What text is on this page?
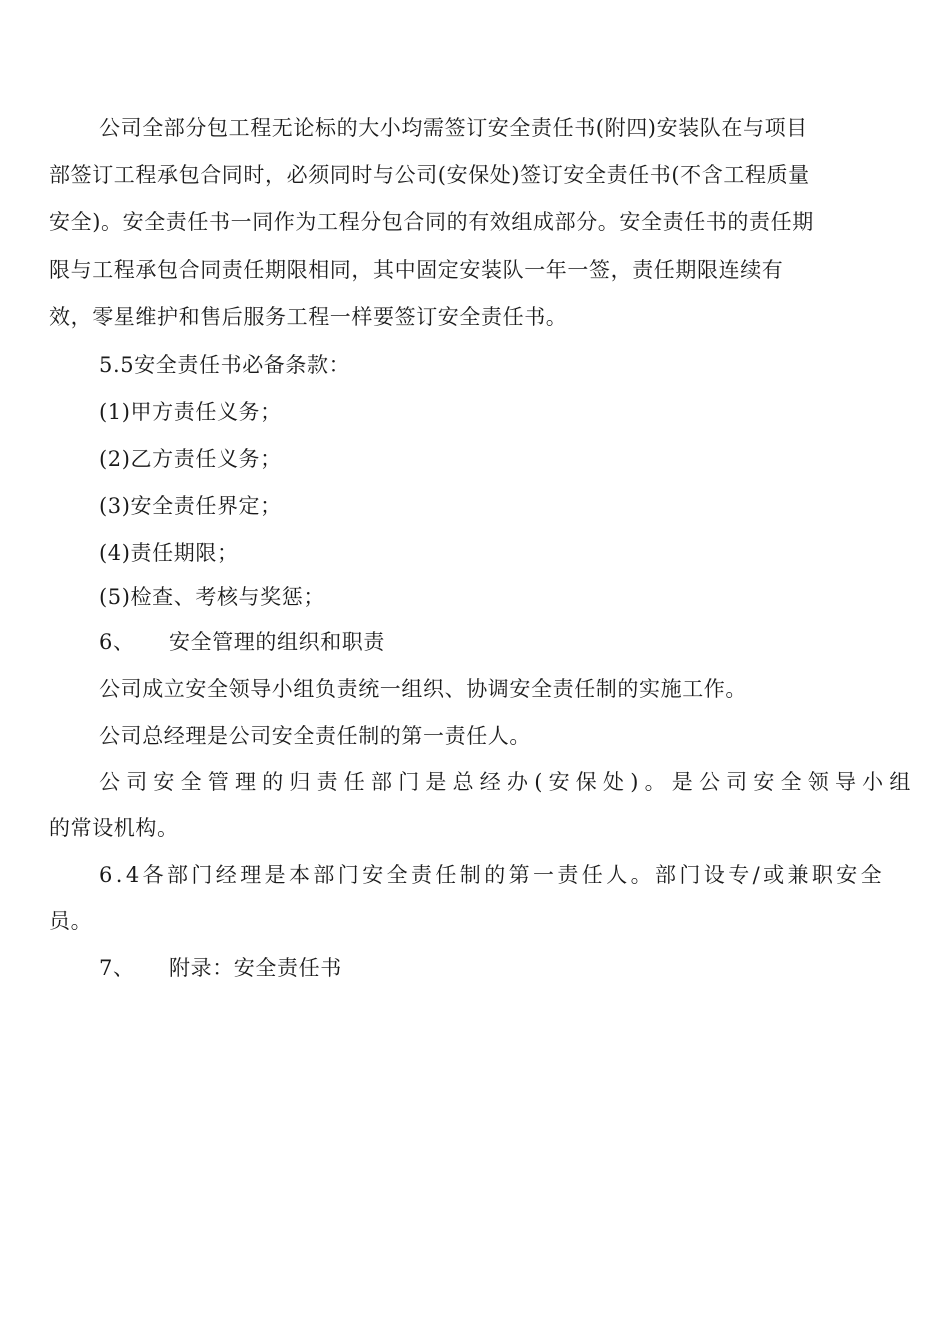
公司全部分包工程无论标的大小均需签订安全责任书(附四)安装队在与项目
部签订工程承包合同时，必须同时与公司(安保处)签订安全责任书(不含工程质量
安全)。安全责任书一同作为工程分包合同的有效组成部分。安全责任书的责任期
限与工程承包合同责任期限相同，其中固定安装队一年一签，责任期限连续有
效，零星维护和售后服务工程一样要签订安全责任书。
5.5安全责任书必备条款：
(1)甲方责任义务；
(2)乙方责任义务；
(3)安全责任界定；
(4)责任期限；
(5)检查、考核与奖惩；
6、 安全管理的组织和职责
公司成立安全领导小组负责统一组织、协调安全责任制的实施工作。
公司总经理是公司安全责任制的第一责任人。
公司安全管理的归责任部门是总经办(安保处)。是公司安全领导小组
的常设机构。
6.4各部门经理是本部门安全责任制的第一责任人。部门设专/或兼职安全
员。
7、 附录：安全责任书
